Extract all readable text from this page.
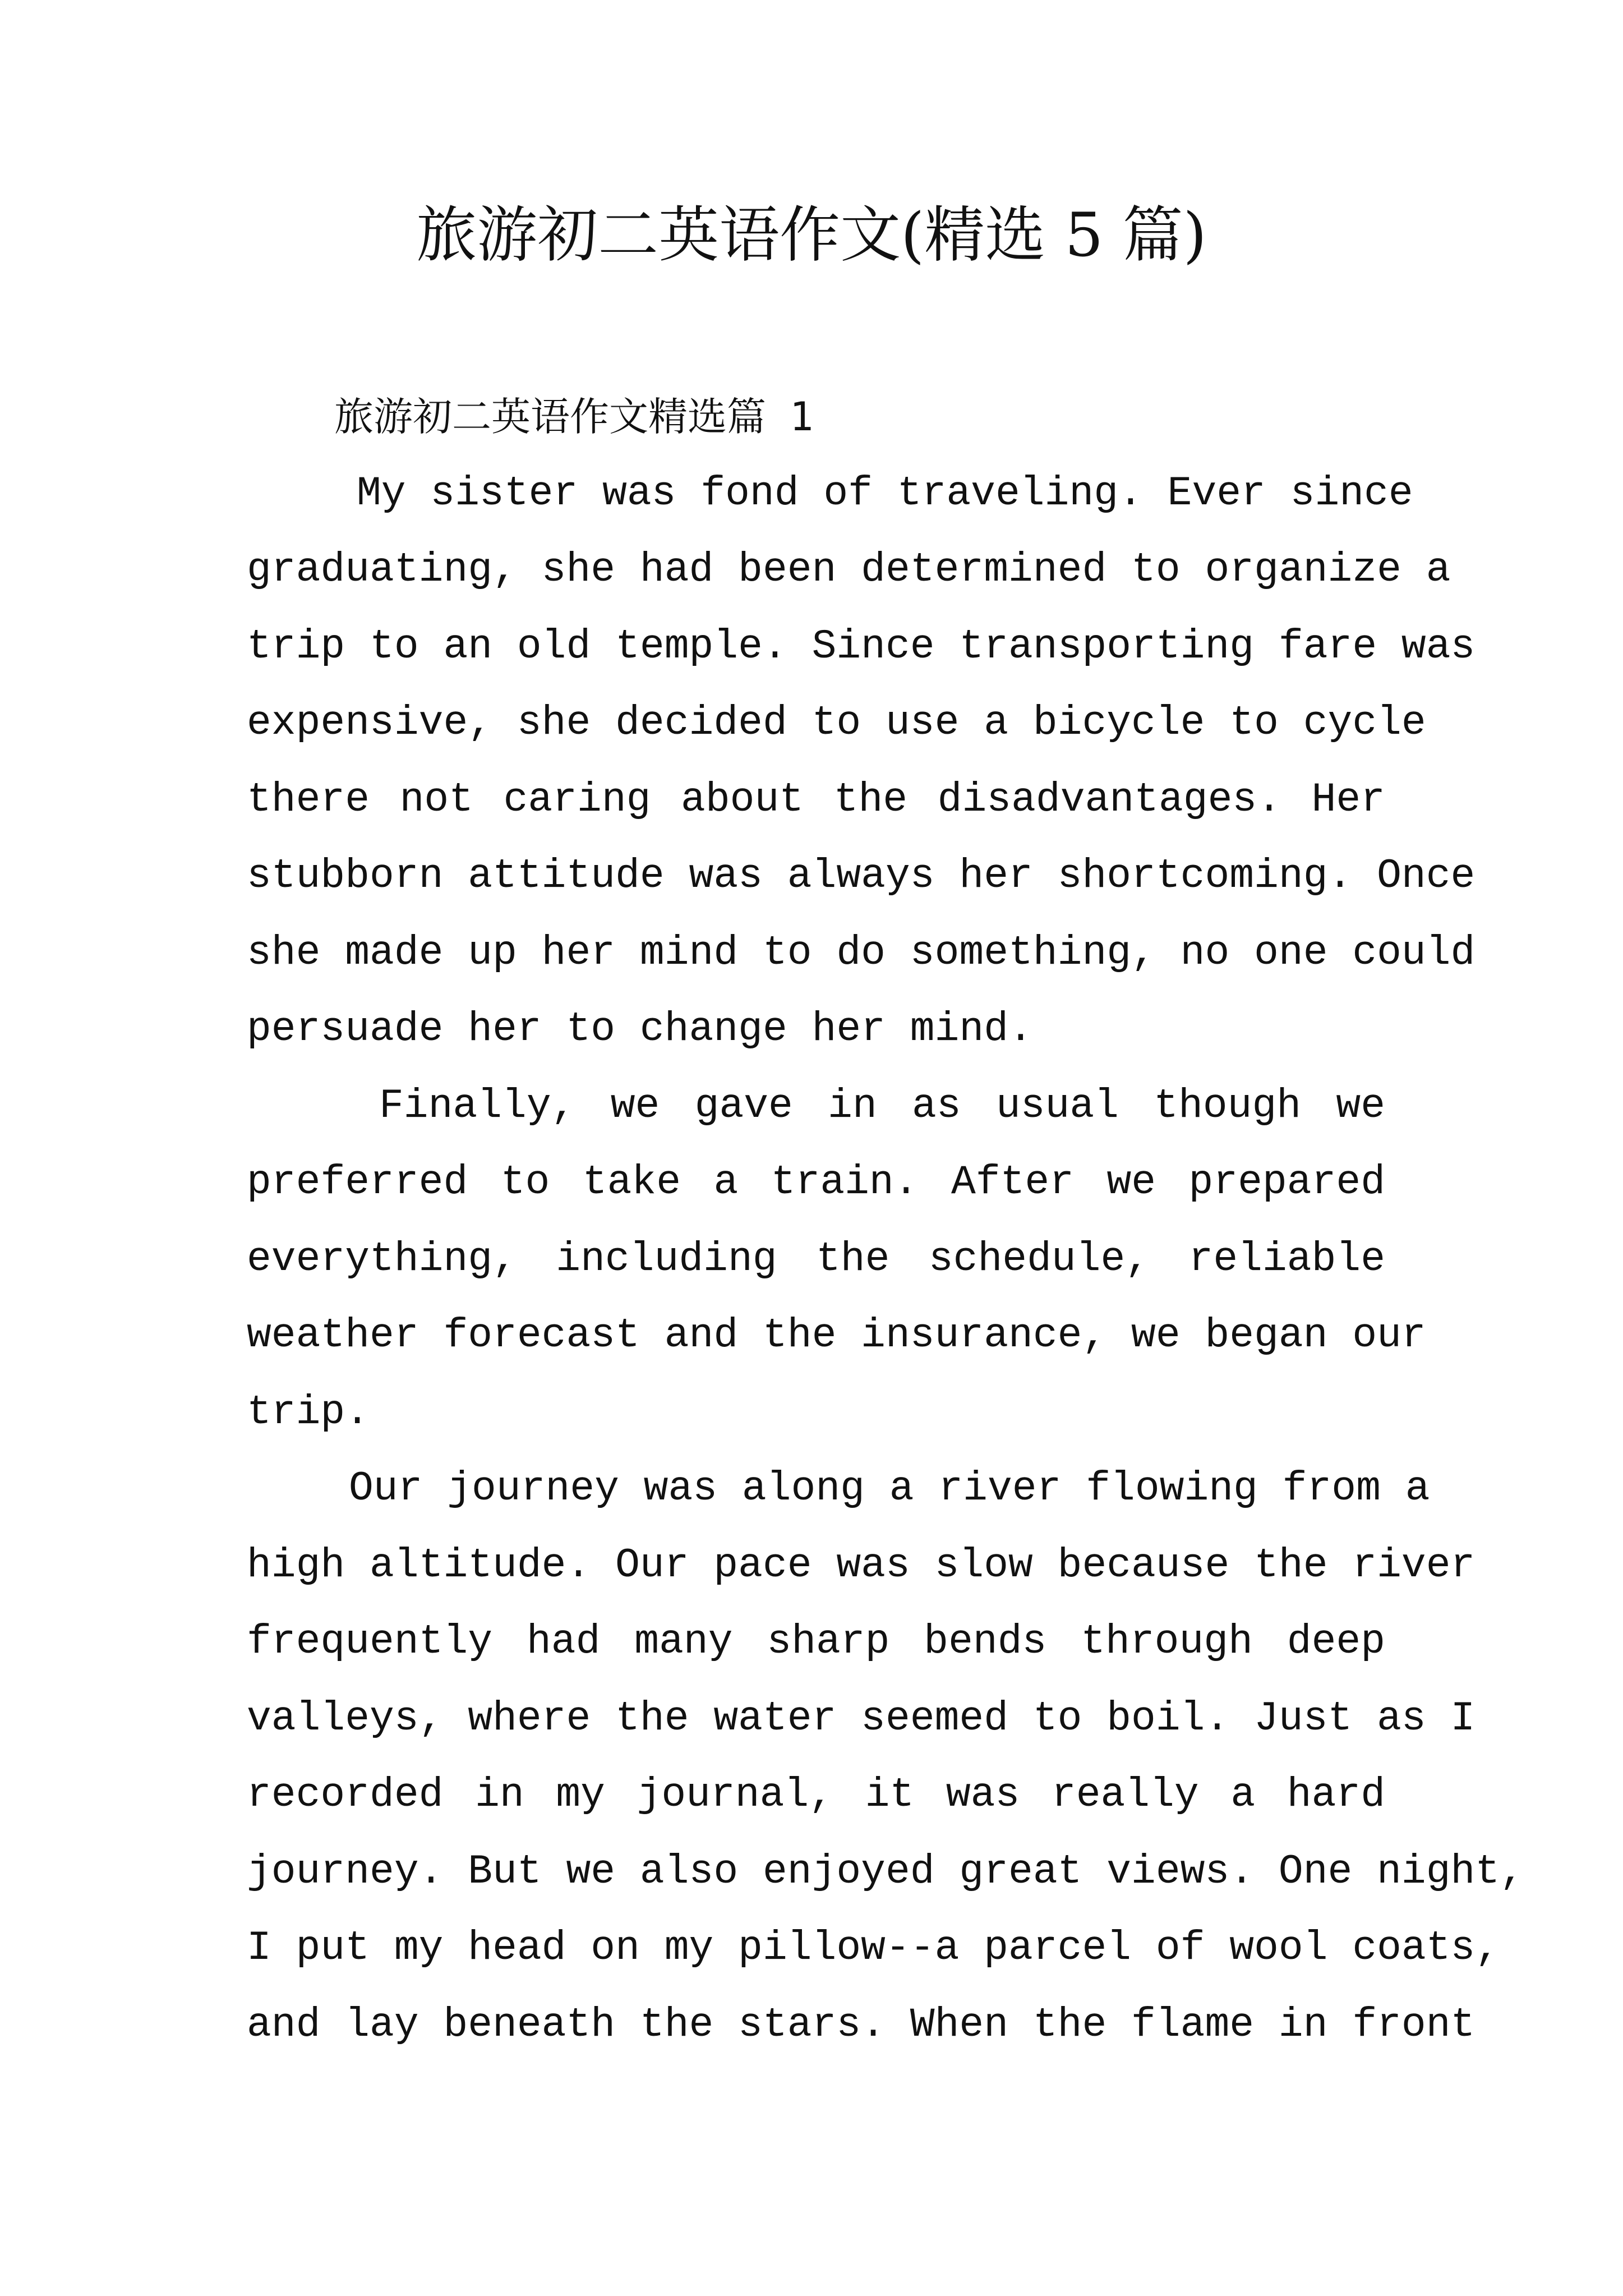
旅游初二英语作文(精选 5 篇)
旅游初二英语作文精选篇 1
My sister was fond of traveling. Ever since
graduating, she had been determined to organize a
trip to an old temple. Since transporting fare was
expensive, she decided to use a bicycle to cycle
there not caring about the disadvantages. Her
stubborn attitude was always her shortcoming. Once
she made up her mind to do something, no one could
persuade her to change her mind.
Finally, we gave in as usual though we
preferred to take a train. After we prepared
everything, including the schedule, reliable
weather forecast and the insurance, we began our
trip.
Our journey was along a river flowing from a
high altitude. Our pace was slow because the river
frequently had many sharp bends through deep
valleys, where the water seemed to boil. Just as I
recorded in my journal, it was really a hard
journey. But we also enjoyed great views. One night,
I put my head on my pillow--a parcel of wool coats,
and lay beneath the stars. When the flame in front
